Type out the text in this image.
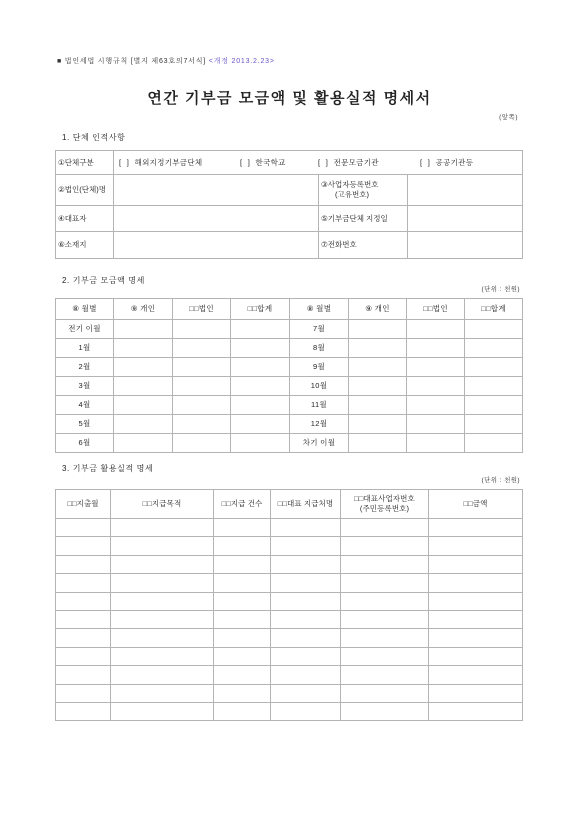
■ 법인세법 시행규칙 [별지 제63호의7서식] <개정 2013.2.23>
연간 기부금 모금액 및 활용실적 명세서
(앞쪽)
1. 단체 인적사항
①단체구분	[ ] 해외지정기부금단체 [ ] 한국학교 [ ] 전문모금기관 [ ] 공공기관등		

②법인(단체)명		③사업자등록번호
(고유번호)	

④대표자		⑤기부금단체 지정일	
⑥소재지		⑦전화번호	
2. 기부금 모금액 명세
(단위 : 천원)
⑧ 월별	⑨ 개인	□□법인	□□합계	⑧ 월별	⑨ 개인	□□법인	□□합계
전기 이월				7월			
1월				8월			
2월				9월			
3월				10월			
4월				11월			
5월				12월			
6월				차기 이월			
3. 기부금 활용실적 명세
(단위 : 천원)
□□지출월	□□지급목적	□□지급 건수	□□대표 지급처명	□□대표사업자번호
(주민등록번호)	□□금액
